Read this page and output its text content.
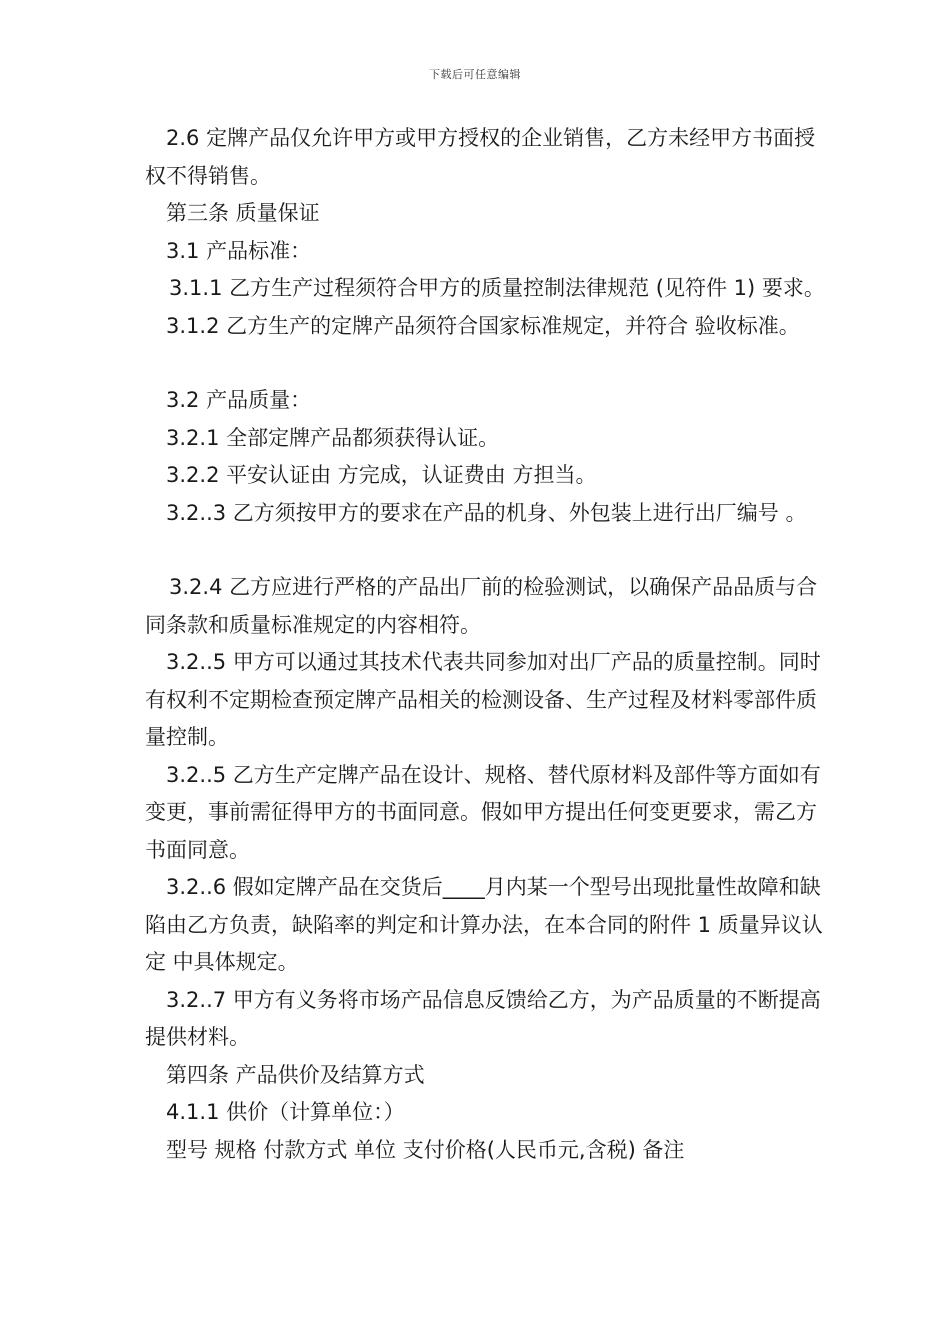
下载后可任意编辑

2.6 定牌产品仅允许甲方或甲方授权的企业销售，乙方未经甲方书面授权不得销售。

第三条 质量保证

3.1 产品标准：

3.1.1 乙方生产过程须符合甲方的质量控制法律规范 (见符件 1) 要求。

3.1.2 乙方生产的定牌产品须符合国家标准规定，并符合 验收标准。

3.2 产品质量：

3.2.1 全部定牌产品都须获得认证。

3.2.2 平安认证由 方完成，认证费由 方担当。

3.2..3 乙方须按甲方的要求在产品的机身、外包装上进行出厂编号 。

3.2.4 乙方应进行严格的产品出厂前的检验测试，以确保产品品质与合同条款和质量标准规定的内容相符。

3.2..5 甲方可以通过其技术代表共同参加对出厂产品的质量控制。同时有权利不定期检查预定牌产品相关的检测设备、生产过程及材料零部件质量控制。

3.2..5 乙方生产定牌产品在设计、规格、替代原材料及部件等方面如有变更，事前需征得甲方的书面同意。假如甲方提出任何变更要求，需乙方书面同意。

3.2..6 假如定牌产品在交货后____月内某一个型号出现批量性故障和缺陷由乙方负责，缺陷率的判定和计算办法，在本合同的附件 1 质量异议认定 中具体规定。

3.2..7 甲方有义务将市场产品信息反馈给乙方，为产品质量的不断提高提供材料。

第四条 产品供价及结算方式

4.1.1 供价（计算单位：）

型号 规格 付款方式 单位 支付价格(人民币元,含税) 备注
